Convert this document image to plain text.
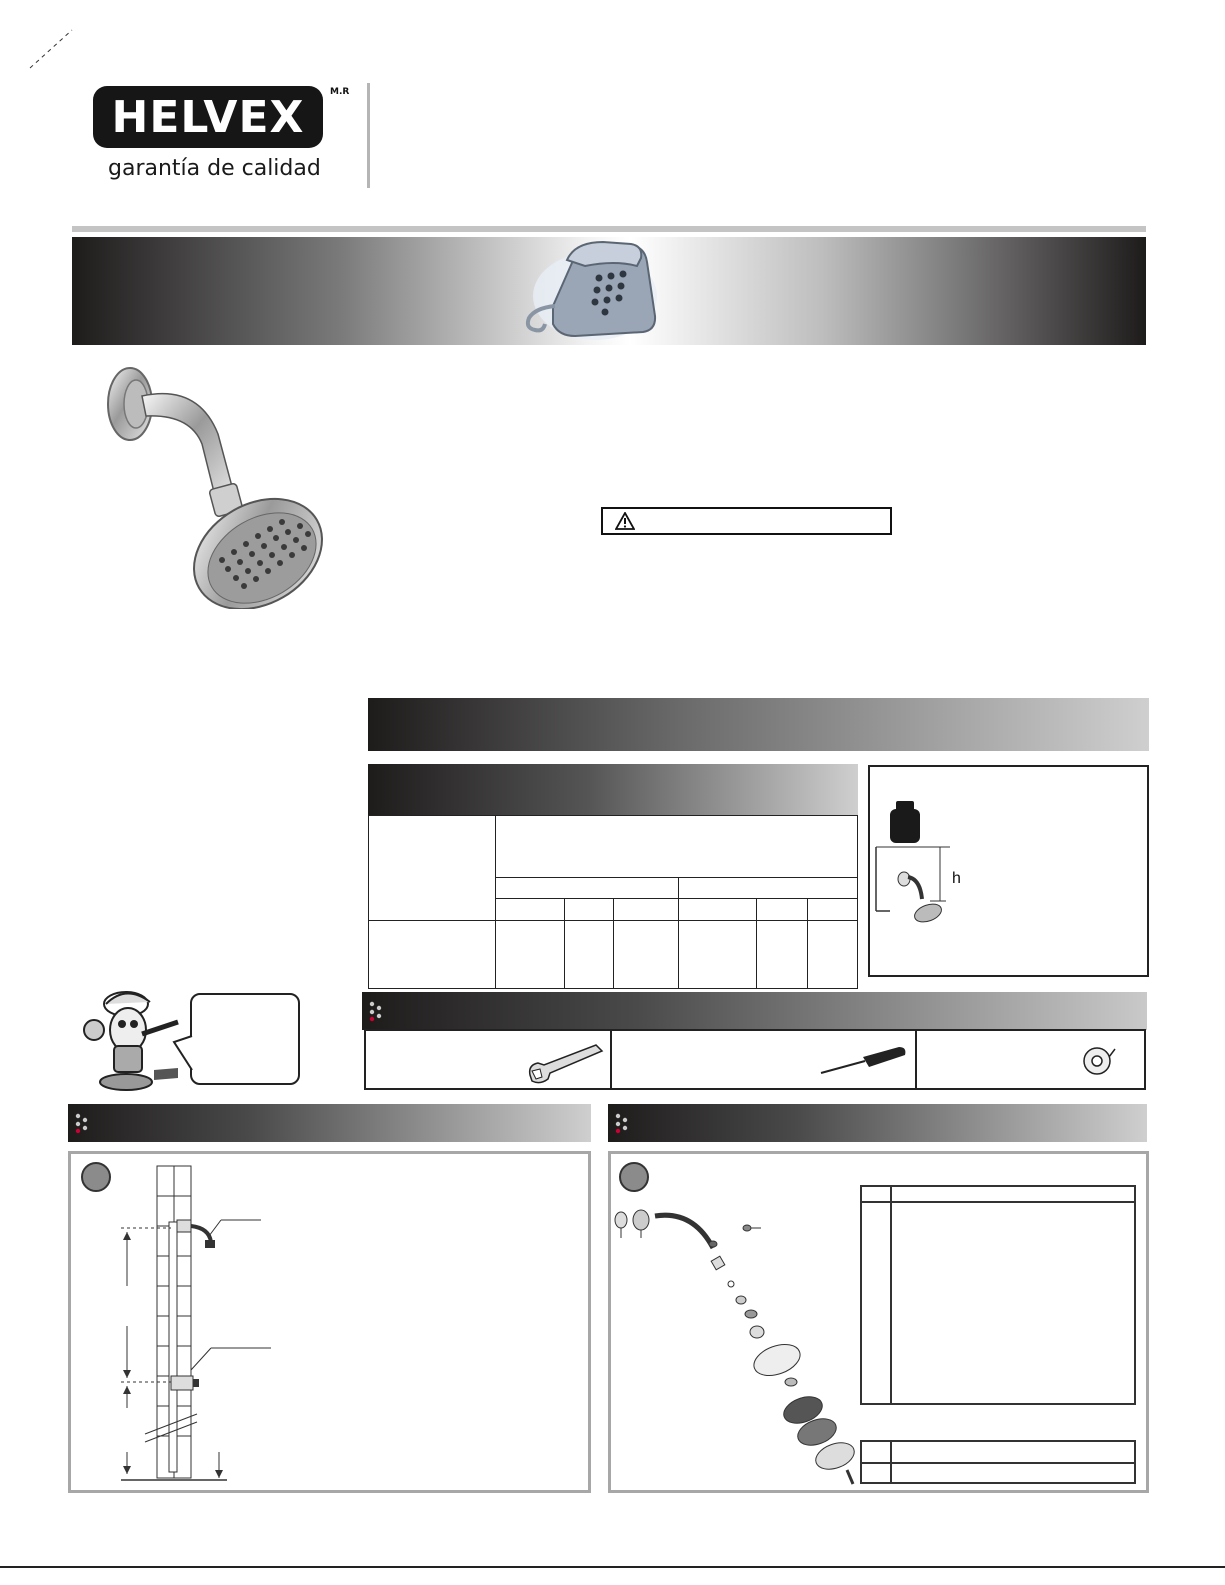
HELVEX	M.R
garantía de calidad

h
